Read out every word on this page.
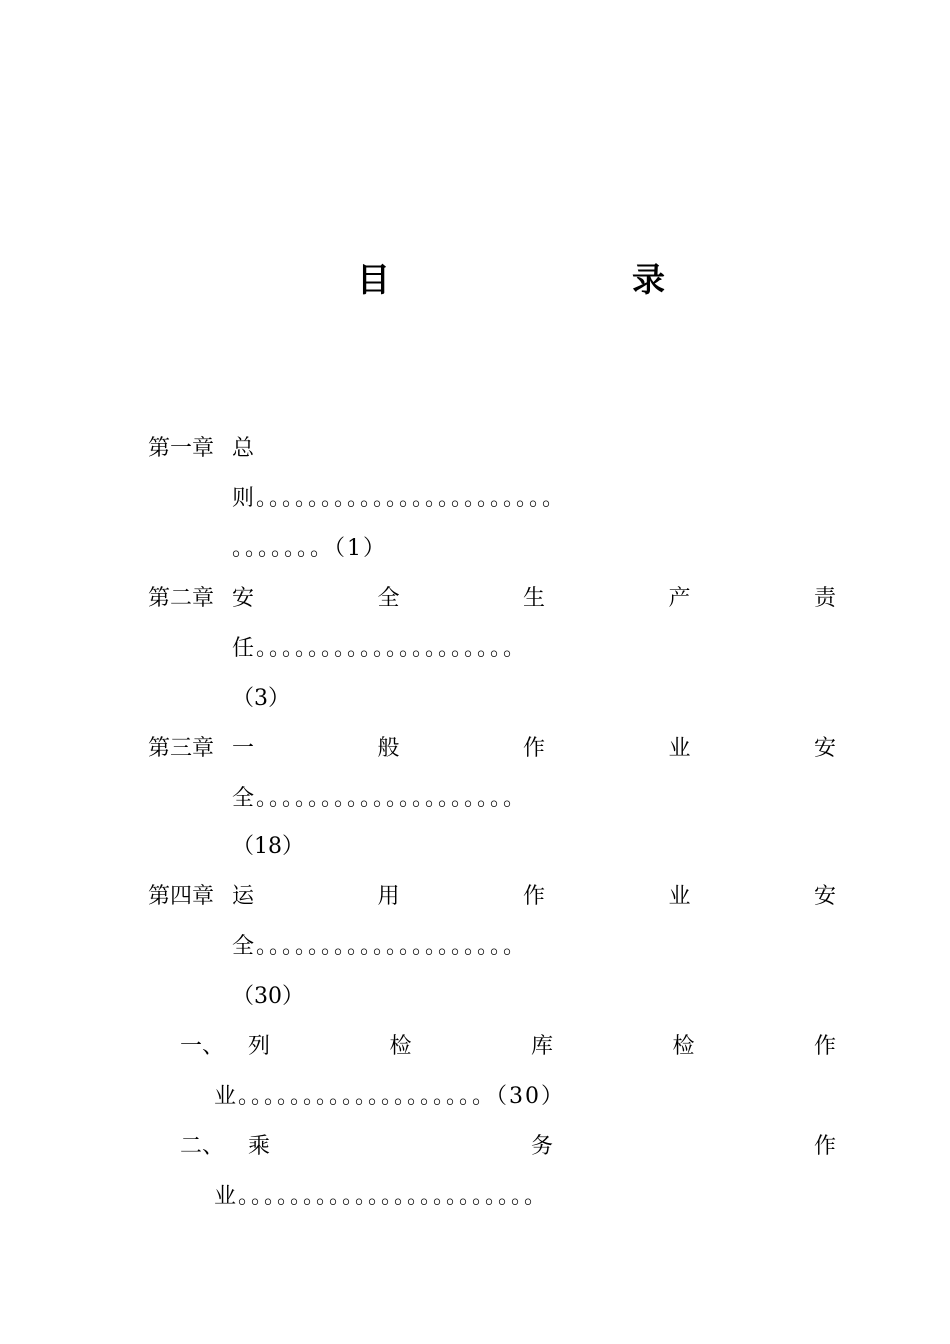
目	录
第一章 总
则。。。。。。。。。。。。。。。。。。。。。。。
。。。。。。。（1）
第二章 安	全	生	产	责
任。。。。。。。。。。。。。。。。。。。。
（3）
第三章 一	般	作	业	安
全。。。。。。。。。。。。。。。。。。。。
（18）
第四章 运	用	作	业	安
全。。。。。。。。。。。。。。。。。。。。
（30）
一、 列	检	库	检	作
业。。。。。。。。。。。。。。。。。。。（30）
二、 乘	务	作
业。。。。。。。。。。。。。。。。。。。。。。。
